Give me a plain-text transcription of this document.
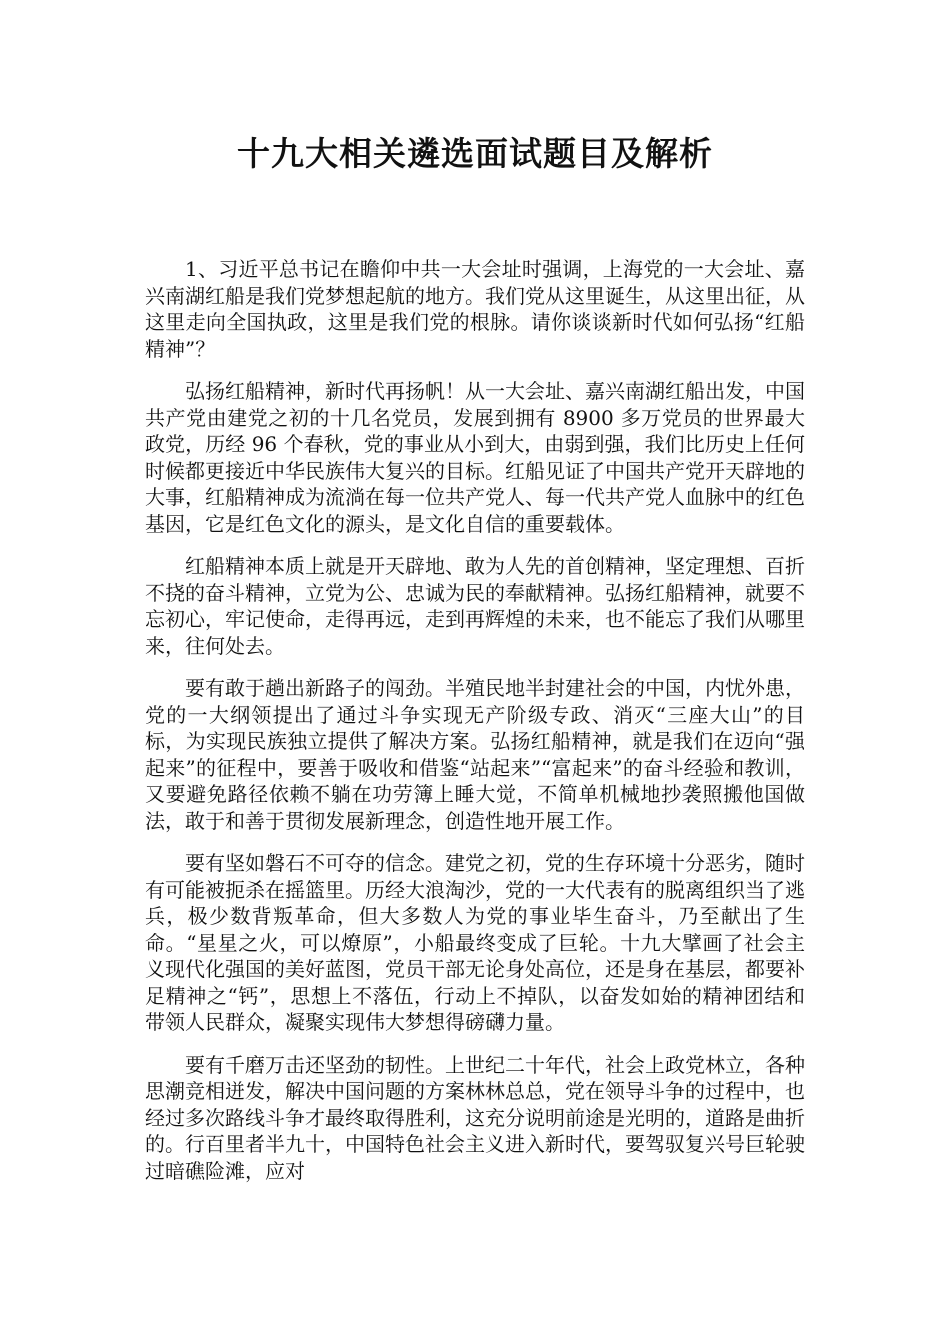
十九大相关遴选面试题目及解析

1、习近平总书记在瞻仰中共一大会址时强调，上海党的一大会址、嘉兴南湖红船是我们党梦想起航的地方。我们党从这里诞生，从这里出征，从这里走向全国执政，这里是我们党的根脉。请你谈谈新时代如何弘扬“红船精神”？

弘扬红船精神，新时代再扬帆！从一大会址、嘉兴南湖红船出发，中国共产党由建党之初的十几名党员，发展到拥有 8900 多万党员的世界最大政党，历经 96 个春秋，党的事业从小到大，由弱到强，我们比历史上任何时候都更接近中华民族伟大复兴的目标。红船见证了中国共产党开天辟地的大事，红船精神成为流淌在每一位共产党人、每一代共产党人血脉中的红色基因，它是红色文化的源头，是文化自信的重要载体。

红船精神本质上就是开天辟地、敢为人先的首创精神，坚定理想、百折不挠的奋斗精神，立党为公、忠诚为民的奉献精神。弘扬红船精神，就要不忘初心，牢记使命，走得再远，走到再辉煌的未来，也不能忘了我们从哪里来，往何处去。

要有敢于趟出新路子的闯劲。半殖民地半封建社会的中国，内忧外患，党的一大纲领提出了通过斗争实现无产阶级专政、消灭“三座大山”的目标，为实现民族独立提供了解决方案。弘扬红船精神，就是我们在迈向“强起来”的征程中，要善于吸收和借鉴“站起来”“富起来”的奋斗经验和教训，又要避免路径依赖不躺在功劳簿上睡大觉，不简单机械地抄袭照搬他国做法，敢于和善于贯彻发展新理念，创造性地开展工作。

要有坚如磐石不可夺的信念。建党之初，党的生存环境十分恶劣，随时有可能被扼杀在摇篮里。历经大浪淘沙，党的一大代表有的脱离组织当了逃兵，极少数背叛革命，但大多数人为党的事业毕生奋斗，乃至献出了生命。“星星之火，可以燎原”，小船最终变成了巨轮。十九大擘画了社会主义现代化强国的美好蓝图，党员干部无论身处高位，还是身在基层，都要补足精神之“钙”，思想上不落伍，行动上不掉队，以奋发如始的精神团结和带领人民群众，凝聚实现伟大梦想得磅礴力量。

要有千磨万击还坚劲的韧性。上世纪二十年代，社会上政党林立，各种思潮竞相迸发，解决中国问题的方案林林总总，党在领导斗争的过程中，也经过多次路线斗争才最终取得胜利，这充分说明前途是光明的，道路是曲折的。行百里者半九十，中国特色社会主义进入新时代，要驾驭复兴号巨轮驶过暗礁险滩，应对
